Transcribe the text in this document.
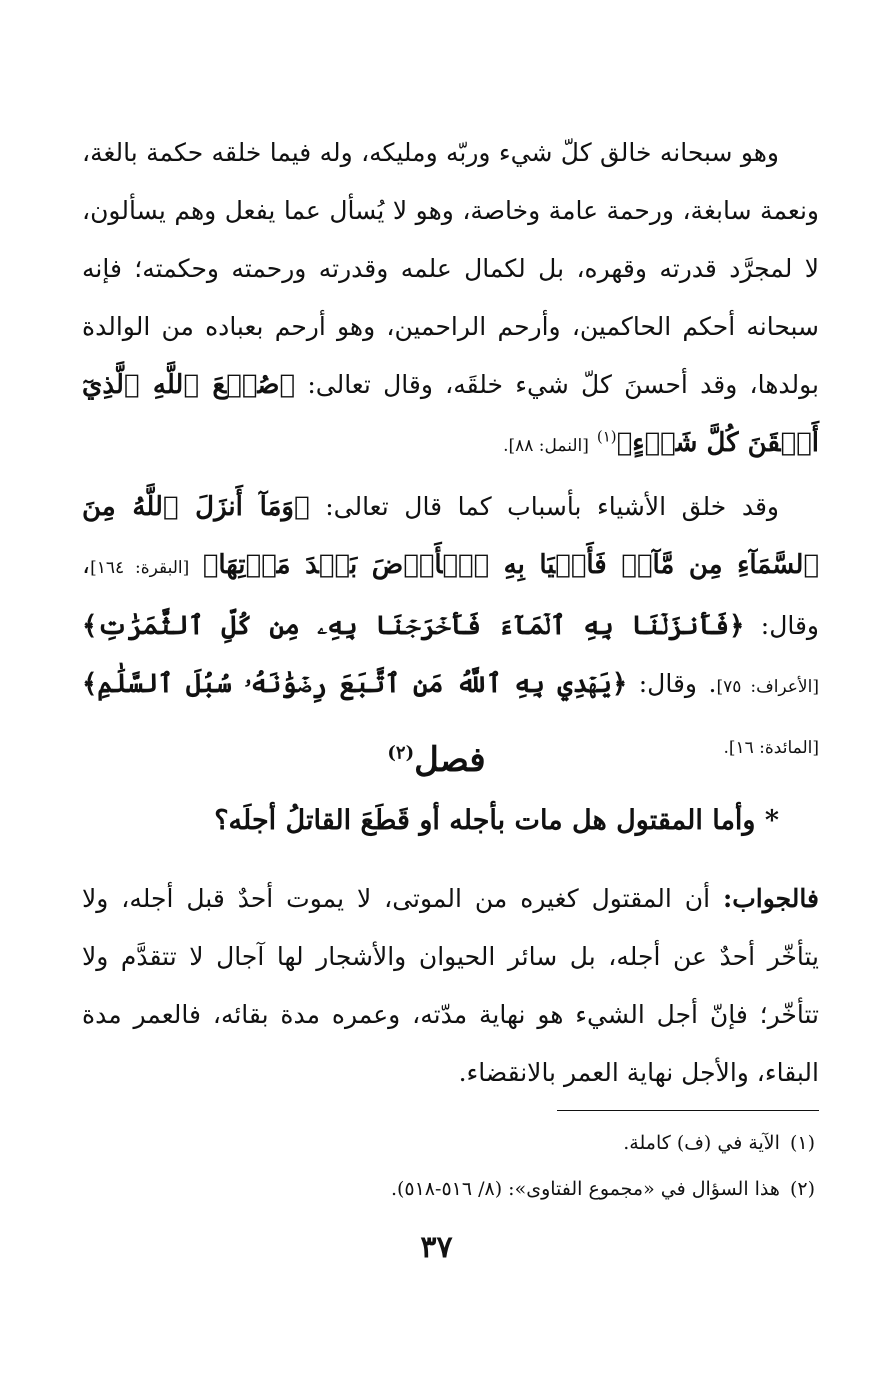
وهو سبحانه خالق كلّ شيء وربّه ومليكه، وله فيما خلقه حكمة بالغة، ونعمة سابغة، ورحمة عامة وخاصة، وهو لا يُسأل عما يفعل وهم يسألون، لا لمجرَّد قدرته وقهره، بل لكمال علمه وقدرته ورحمته وحكمته؛ فإنه سبحانه أحكم الحاكمين، وأرحم الراحمين، وهو أرحم بعباده من الوالدة بولدها، وقد أحسنَ كلّ شيء خلقَه، وقال تعالى: ﴿صُنۡعَ ٱللَّهِ ٱلَّذِيٓ أَتۡقَنَ كُلَّ شَيۡءٍ﴾$^{(١)}$ [النمل: ٨٨].
وقد خلق الأشياء بأسباب كما قال تعالى: ﴿وَمَآ أَنزَلَ ٱللَّهُ مِنَ ٱلسَّمَآءِ مِن مَّآءٖ فَأَحۡيَا بِهِ ٱلۡأَرۡضَ بَعۡدَ مَوۡتِهَا﴾ [البقرة: ١٦٤]، وقال: ﴿فَأَنزَلۡنَا بِهِ ٱلۡمَآءَ فَأَخۡرَجۡنَا بِهِۦ مِن كُلِّ ٱلثَّمَرَٰتِ﴾ [الأعراف: ٧٥]. وقال: ﴿يَهۡدِي بِهِ ٱللَّهُ مَنِ ٱتَّبَعَ رِضۡوَٰنَهُۥ سُبُلَ ٱلسَّلَٰمِ﴾ [المائدة: ١٦].
فصل$^{(٢)}$
* وأما المقتول هل مات بأجله أو قَطَعَ القاتلُ أجلَه؟
فالجواب: أن المقتول كغيره من الموتى، لا يموت أحدٌ قبل أجله، ولا يتأخّر أحدٌ عن أجله، بل سائر الحيوان والأشجار لها آجال لا تتقدَّم ولا تتأخّر؛ فإنّ أجل الشيء هو نهاية مدّته، وعمره مدة بقائه، فالعمر مدة البقاء، والأجل نهاية العمر بالانقضاء.
(١)الآية في (ف) كاملة.
(٢)هذا السؤال في «مجموع الفتاوى»: (٨/ ٥١٦-٥١٨).
٣٧
